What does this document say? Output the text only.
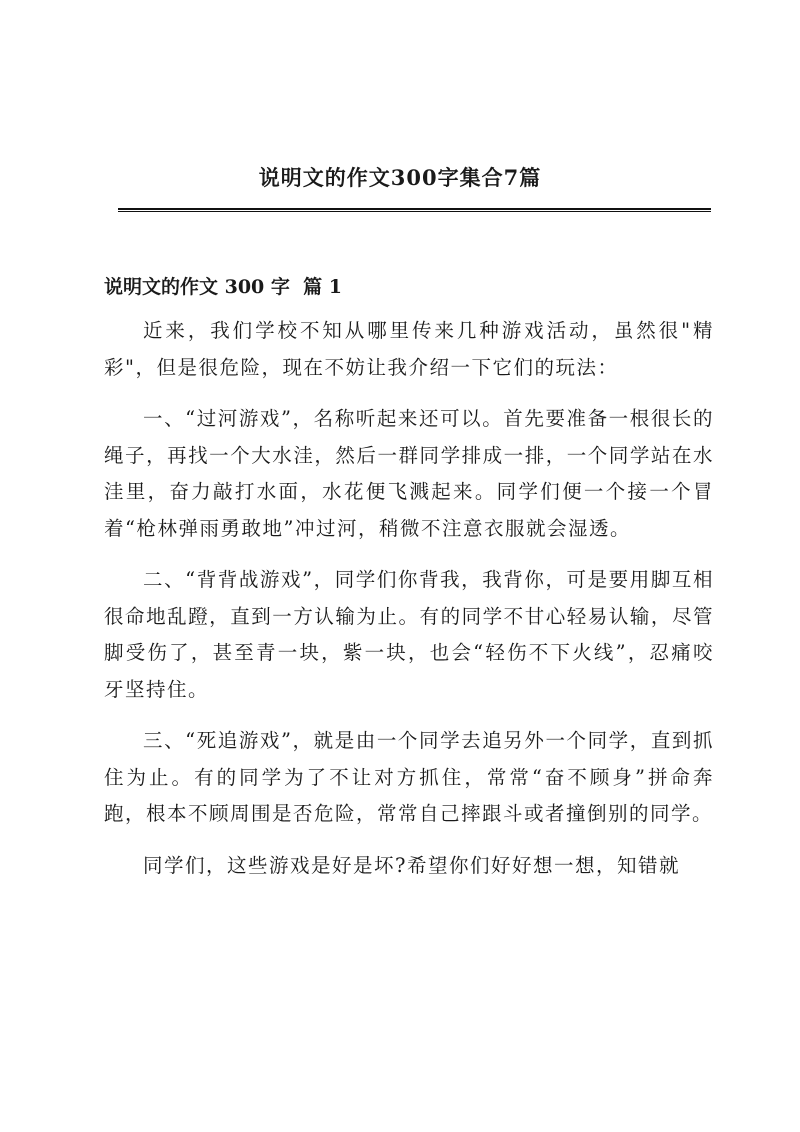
说明文的作文300字集合7篇
说明文的作文 300 字  篇 1

近来，我们学校不知从哪里传来几种游戏活动，虽然很"精彩"，但是很危险，现在不妨让我介绍一下它们的玩法：

一、“过河游戏”，名称听起来还可以。首先要准备一根很长的绳子，再找一个大水洼，然后一群同学排成一排，一个同学站在水洼里，奋力敲打水面，水花便飞溅起来。同学们便一个接一个冒着“枪林弹雨勇敢地”冲过河，稍微不注意衣服就会湿透。

二、“背背战游戏”，同学们你背我，我背你，可是要用脚互相很命地乱蹬，直到一方认输为止。有的同学不甘心轻易认输，尽管脚受伤了，甚至青一块，紫一块，也会“轻伤不下火线”，忍痛咬牙坚持住。

三、“死追游戏”，就是由一个同学去追另外一个同学，直到抓住为止。有的同学为了不让对方抓住，常常“奋不顾身”拼命奔跑，根本不顾周围是否危险，常常自己摔跟斗或者撞倒别的同学。

同学们，这些游戏是好是坏?希望你们好好想一想，知错就
